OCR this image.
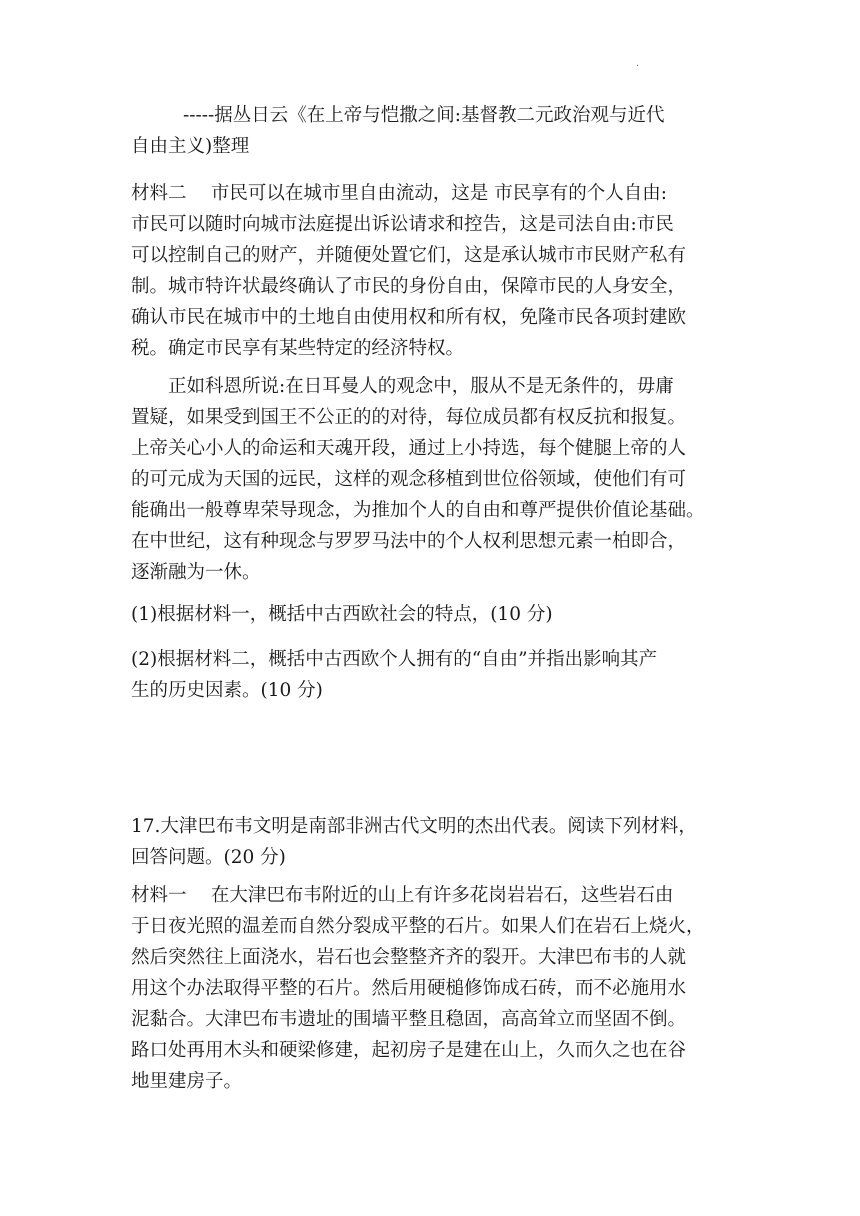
.
-----据丛日云《在上帝与恺撒之间:基督教二元政治观与近代
自由主义)整理
材料二　 市民可以在城市里自由流动，这是 市民享有的个人自由:
市民可以随时向城市法庭提出诉讼请求和控告，这是司法自由:市民
可以控制自己的财产，并随便处置它们，这是承认城市市民财产私有
制。城市特许状最终确认了市民的身份自由，保障市民的人身安全，
确认市民在城市中的土地自由使用权和所有权，免隆市民各项封建欧
税。确定市民享有某些特定的经济特权。
　　正如科恩所说:在日耳曼人的观念中，服从不是无条件的，毋庸
置疑，如果受到国王不公正的的对待，每位成员都有权反抗和报复。
上帝关心小人的命运和天魂开段，通过上小持选，每个健腿上帝的人
的可元成为天国的远民，这样的观念移植到世位俗领域，使他们有可
能确出一般尊卑荣导现念，为推加个人的自由和尊严提供价值论基础。
在中世纪，这有种现念与罗罗马法中的个人权利思想元素一柏即合，
逐渐融为一休。
(1)根据材料一，概括中古西欧社会的特点，(10 分)
(2)根据材料二，概括中古西欧个人拥有的“自由”并指出影响其产
生的历史因素。(10 分)
17.大津巴布韦文明是南部非洲古代文明的杰出代表。阅读下列材料，
回答问题。(20 分)
材料一　 在大津巴布韦附近的山上有许多花岗岩岩石，这些岩石由
于日夜光照的温差而自然分裂成平整的石片。如果人们在岩石上烧火，
然后突然往上面浇水，岩石也会整整齐齐的裂开。大津巴布韦的人就
用这个办法取得平整的石片。然后用硬槌修饰成石砖，而不必施用水
泥黏合。大津巴布韦遗址的围墙平整且稳固，高高耸立而坚固不倒。
路口处再用木头和硬梁修建，起初房子是建在山上，久而久之也在谷
地里建房子。
